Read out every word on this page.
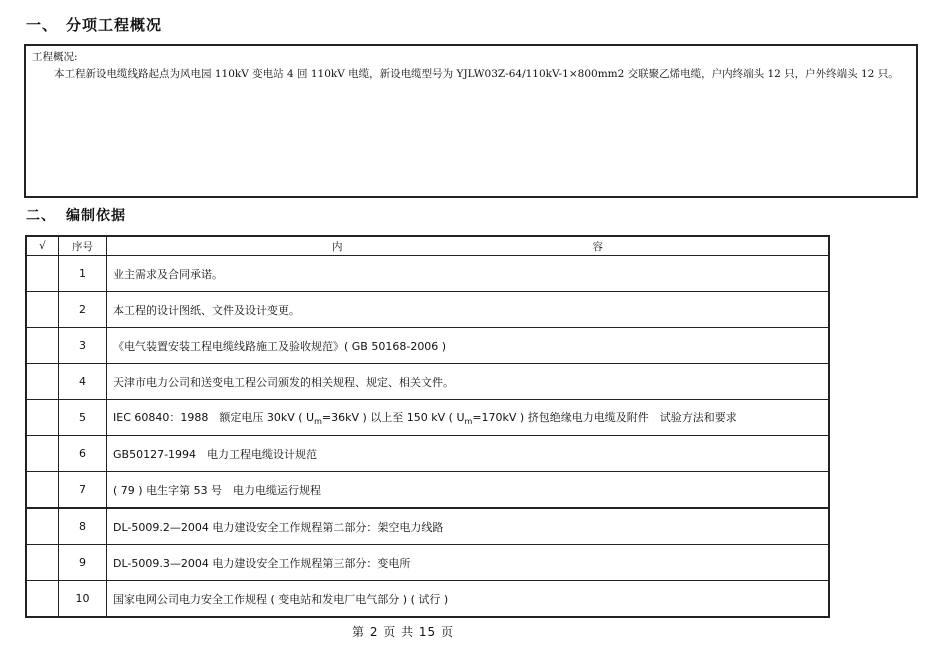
一、 分项工程概况
工程概况:
本工程新设电缆线路起点为风电园 110kV 变电站 4 回 110kV 电缆，新设电缆型号为 YJLW03Z-64/110kV-1×800mm2 交联聚乙烯电缆，户内终端头 12 只，户外终端头 12 只。
二、 编制依据
√	序号	内 容
	1	业主需求及合同承诺。
	2	本工程的设计图纸、文件及设计变更。
	3	《电气装置安装工程电缆线路施工及验收规范》( GB 50168-2006 )
	4	天津市电力公司和送变电工程公司颁发的相关规程、规定、相关文件。
	5	IEC 60840：1988　额定电压 30kV ( $U_m=36kV$ ) 以上至 150 kV ( $U_m=170kV$ ) 挤包绝缘电力电缆及附件　试验方法和要求
	6	GB50127-1994　电力工程电缆设计规范
	7	( 79 ) 电生字第 53 号　电力电缆运行规程
	8	DL-5009.2—2004 电力建设安全工作规程第二部分：架空电力线路
	9	DL-5009.3—2004 电力建设安全工作规程第三部分：变电所
	10	国家电网公司电力安全工作规程 ( 变电站和发电厂电气部分 ) ( 试行 )
第 2 页 共 15 页
